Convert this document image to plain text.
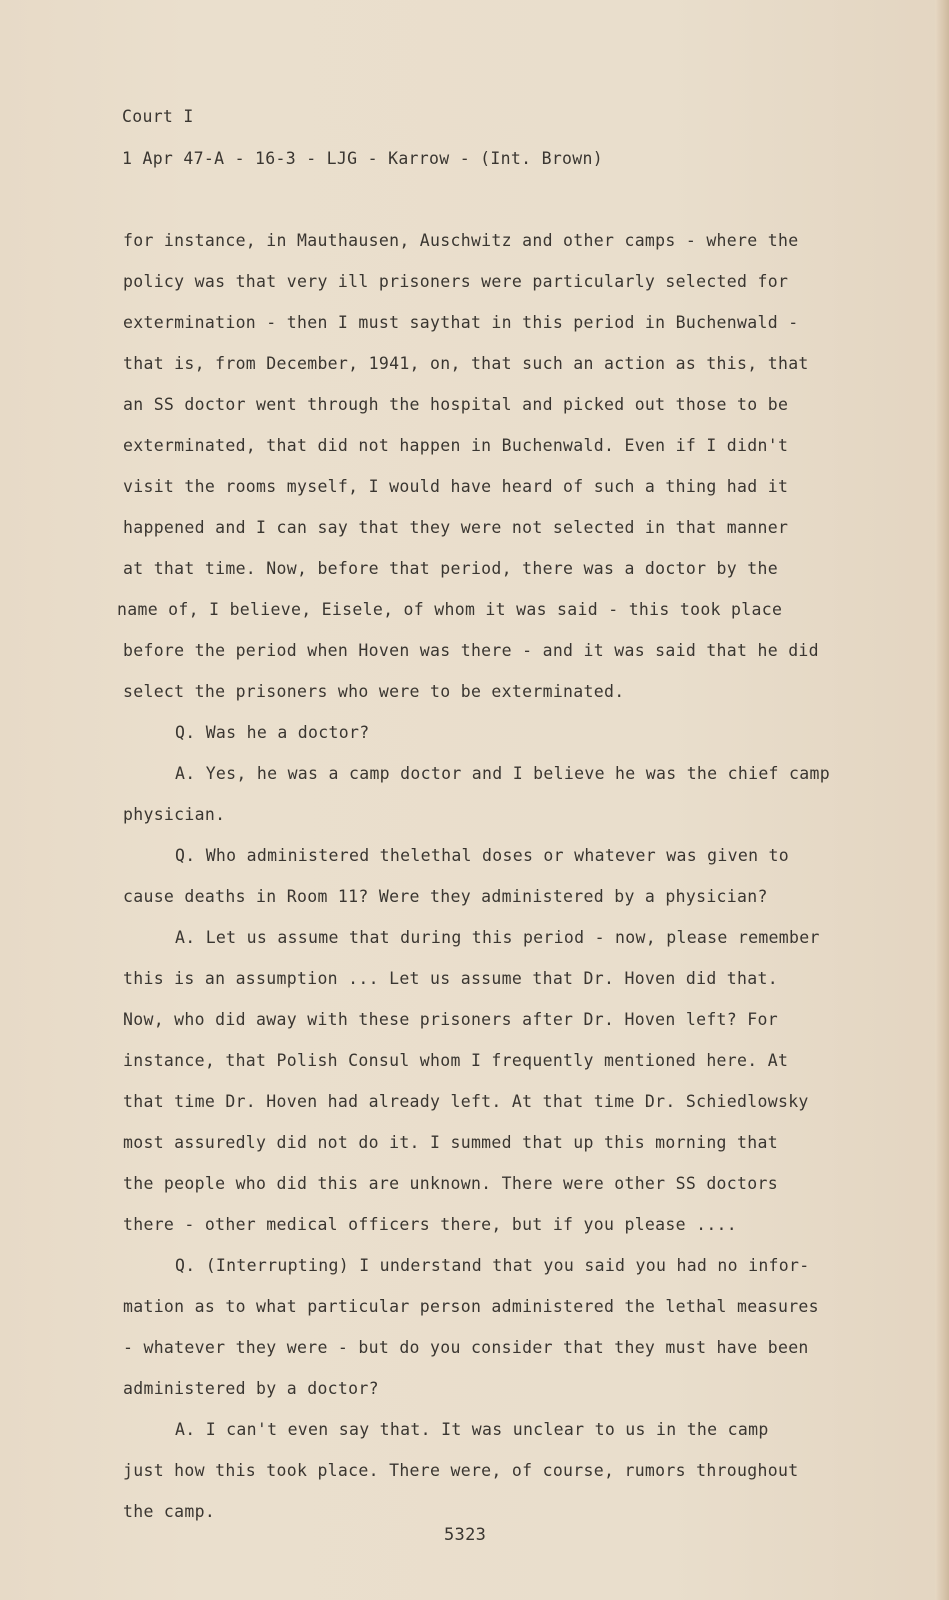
Court I
1 Apr 47-A - 16-3 - LJG - Karrow - (Int. Brown)
for instance, in Mauthausen, Auschwitz and other camps - where the
policy was that very ill prisoners were particularly selected for
extermination - then I must saythat in this period in Buchenwald -
that is, from December, 1941, on, that such an action as this, that
an SS doctor went through the hospital and picked out those to be
exterminated, that did not happen in Buchenwald. Even if I didn't
visit the rooms myself, I would have heard of such a thing had it
happened and I can say that they were not selected in that manner
at that time. Now, before that period, there was a doctor by the
name of, I believe, Eisele, of whom it was said - this took place
before the period when Hoven was there - and it was said that he did
select the prisoners who were to be exterminated.
Q. Was he a doctor?
A. Yes, he was a camp doctor and I believe he was the chief camp
physician.
Q. Who administered thelethal doses or whatever was given to
cause deaths in Room 11? Were they administered by a physician?
A. Let us assume that during this period - now, please remember
this is an assumption ... Let us assume that Dr. Hoven did that.
Now, who did away with these prisoners after Dr. Hoven left? For
instance, that Polish Consul whom I frequently mentioned here. At
that time Dr. Hoven had already left. At that time Dr. Schiedlowsky
most assuredly did not do it. I summed that up this morning that
the people who did this are unknown. There were other SS doctors
there - other medical officers there, but if you please ....
Q. (Interrupting) I understand that you said you had no infor-
mation as to what particular person administered the lethal measures
- whatever they were - but do you consider that they must have been
administered by a doctor?
A. I can't even say that. It was unclear to us in the camp
just how this took place. There were, of course, rumors throughout
the camp.
5323
